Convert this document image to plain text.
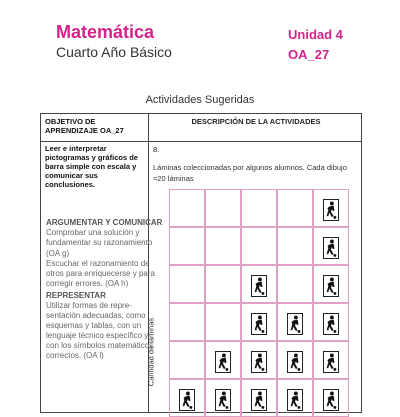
Matemática
Cuarto Año Básico
Unidad 4
OA_27
Actividades Sugeridas
OBJETIVO DE APRENDIZAJE OA_27
DESCRIPCIÓN DE LA ACTIVIDADES
Leer e interpretar pictogramas y gráficos de barra simple con escala y comunicar sus conclusiones.
8.
Láminas coleccionadas por algunos alumnos. Cada dibujo =20 láminas
ARGUMENTAR Y COMUNICAR
Comprobar una solución y
fundamentar su razonamiento
(OA g)
Escuchar el razonamiento de
otros para enriquecerse y para
corregir errores. (OA h)
REPRESENTAR
Utilizar formas de repre-
sentación adecuadas, como
esquemas y tablas, con un
lenguaje técnico específico y
con los símbolos matemáticos
correctos. (OA l)	Cantidad de láminas
